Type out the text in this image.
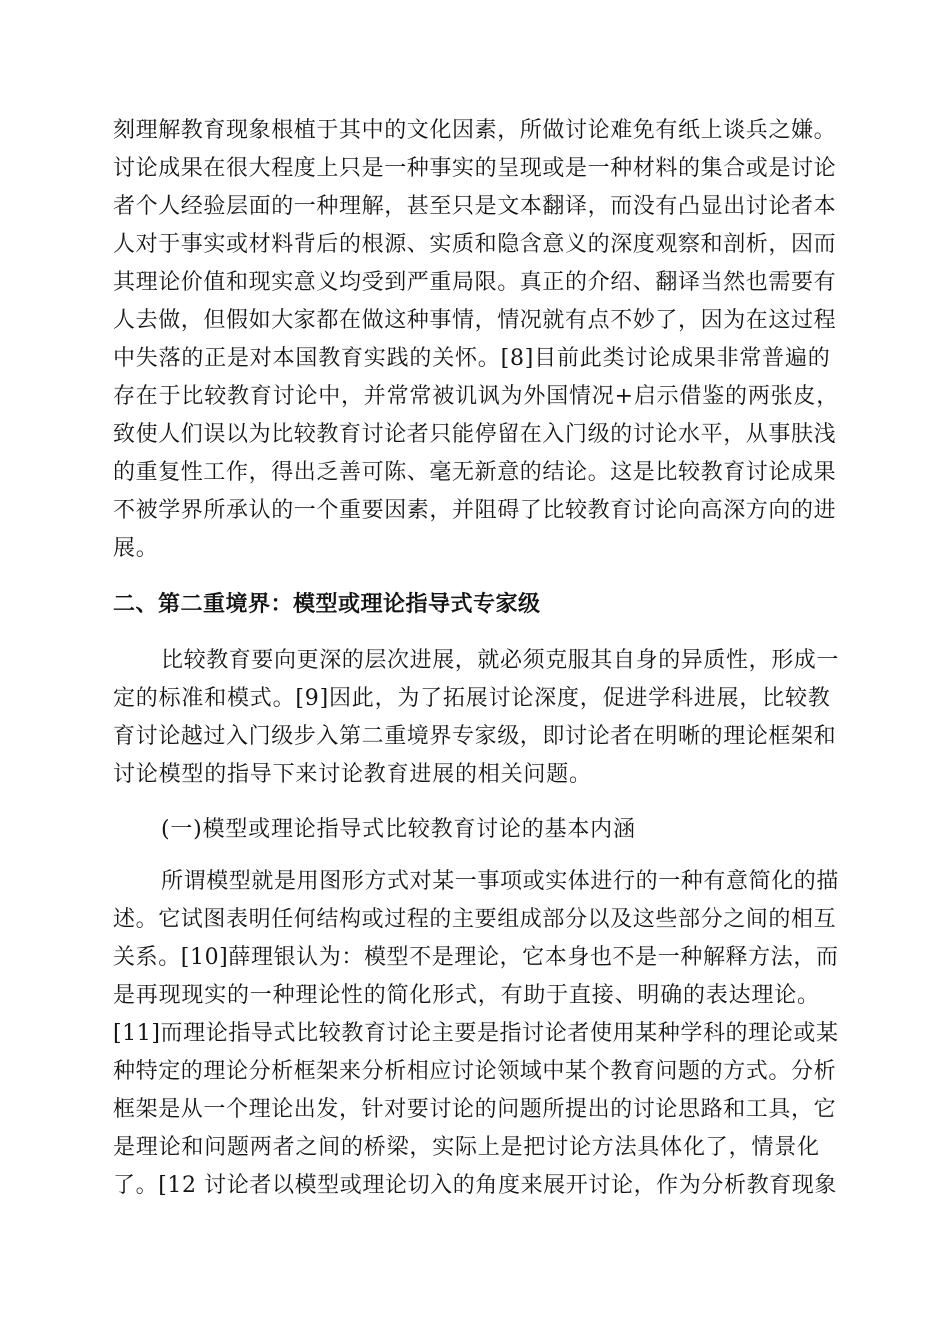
刻理解教育现象根植于其中的文化因素，所做讨论难免有纸上谈兵之嫌。
讨论成果在很大程度上只是一种事实的呈现或是一种材料的集合或是讨论
者个人经验层面的一种理解，甚至只是文本翻译，而没有凸显出讨论者本
人对于事实或材料背后的根源、实质和隐含意义的深度观察和剖析，因而
其理论价值和现实意义均受到严重局限。真正的介绍、翻译当然也需要有
人去做，但假如大家都在做这种事情，情况就有点不妙了，因为在这过程
中失落的正是对本国教育实践的关怀。[8]目前此类讨论成果非常普遍的
存在于比较教育讨论中，并常常被讥讽为外国情况+启示借鉴的两张皮，
致使人们误以为比较教育讨论者只能停留在入门级的讨论水平，从事肤浅
的重复性工作，得出乏善可陈、毫无新意的结论。这是比较教育讨论成果
不被学界所承认的一个重要因素，并阻碍了比较教育讨论向高深方向的进
展。
二、第二重境界：模型或理论指导式专家级
比较教育要向更深的层次进展，就必须克服其自身的异质性，形成一
定的标准和模式。[9]因此，为了拓展讨论深度，促进学科进展，比较教
育讨论越过入门级步入第二重境界专家级，即讨论者在明晰的理论框架和
讨论模型的指导下来讨论教育进展的相关问题。
(一)模型或理论指导式比较教育讨论的基本内涵
所谓模型就是用图形方式对某一事项或实体进行的一种有意简化的描
述。它试图表明任何结构或过程的主要组成部分以及这些部分之间的相互
关系。[10]薛理银认为：模型不是理论，它本身也不是一种解释方法，而
是再现现实的一种理论性的简化形式，有助于直接、明确的表达理论。
[11]而理论指导式比较教育讨论主要是指讨论者使用某种学科的理论或某
种特定的理论分析框架来分析相应讨论领域中某个教育问题的方式。分析
框架是从一个理论出发，针对要讨论的问题所提出的讨论思路和工具，它
是理论和问题两者之间的桥梁，实际上是把讨论方法具体化了，情景化
了。[12 讨论者以模型或理论切入的角度来展开讨论，作为分析教育现象
